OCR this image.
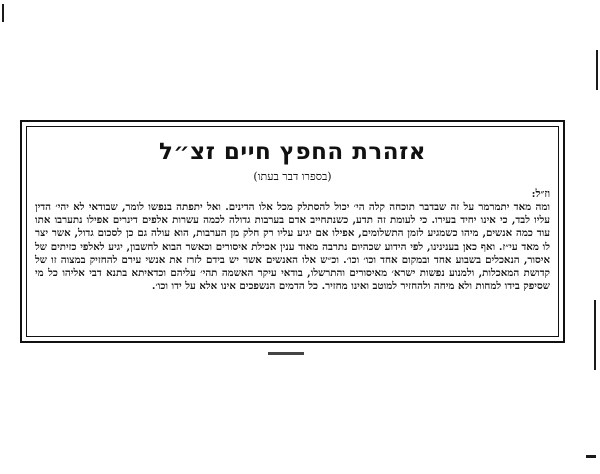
אזהרת החפץ חיים זצ״ל
(בספרו דבר בעתו)

וז״ל:

ומה מאד יתמרמר על זה שבדבר תוכחה קלה הי׳ יכול להסתלק מכל אלו הדינים. ואל יתפתה בנפשו לומר, שבודאי לא יהי׳ הדין עליו לבד, כי אינו יחיד בעירו. כי לעומת זה תדע, כשנתחייב אדם בערבות גדולה לכמה עשרות אלפים דינרים אפילו נתערבו אתו עוד כמה אנשים, מיהו כשמגיע לזמן התשלומים, אפילו אם יגיע עליו רק חלק מן הערבות, הוא עולה גם כן לסכום גדול, אשר יצר לו מאד עי״ז. ואף כאן בענינינו, לפי הידוע שכהיום נתרבה מאוד ענין אכילת איסורים וכאשר הבוא לחשבון, יגיע לאלפי כזיתים של איסור, הנאכלים בשבוע אחד ובמקום אחד וכו׳ וכו׳. וכ״ש אלו האנשים אשר יש בידם לזרז את אנשי עירם להחזיק במצוה זו של קדושת המאכלות, ולמנוע נפשות ישרא׳ מאיסורים והתרשלו, בודאי עיקר האשמה תהי׳ עליהם וכדאיתא בתנא דבי אליהו כל מי שסיפק בידו למחות ולא מיחה ולהחזיר למוטב ואינו מחזיר. כל הדמים הנשפכים אינו אלא על ידו וכו׳.
